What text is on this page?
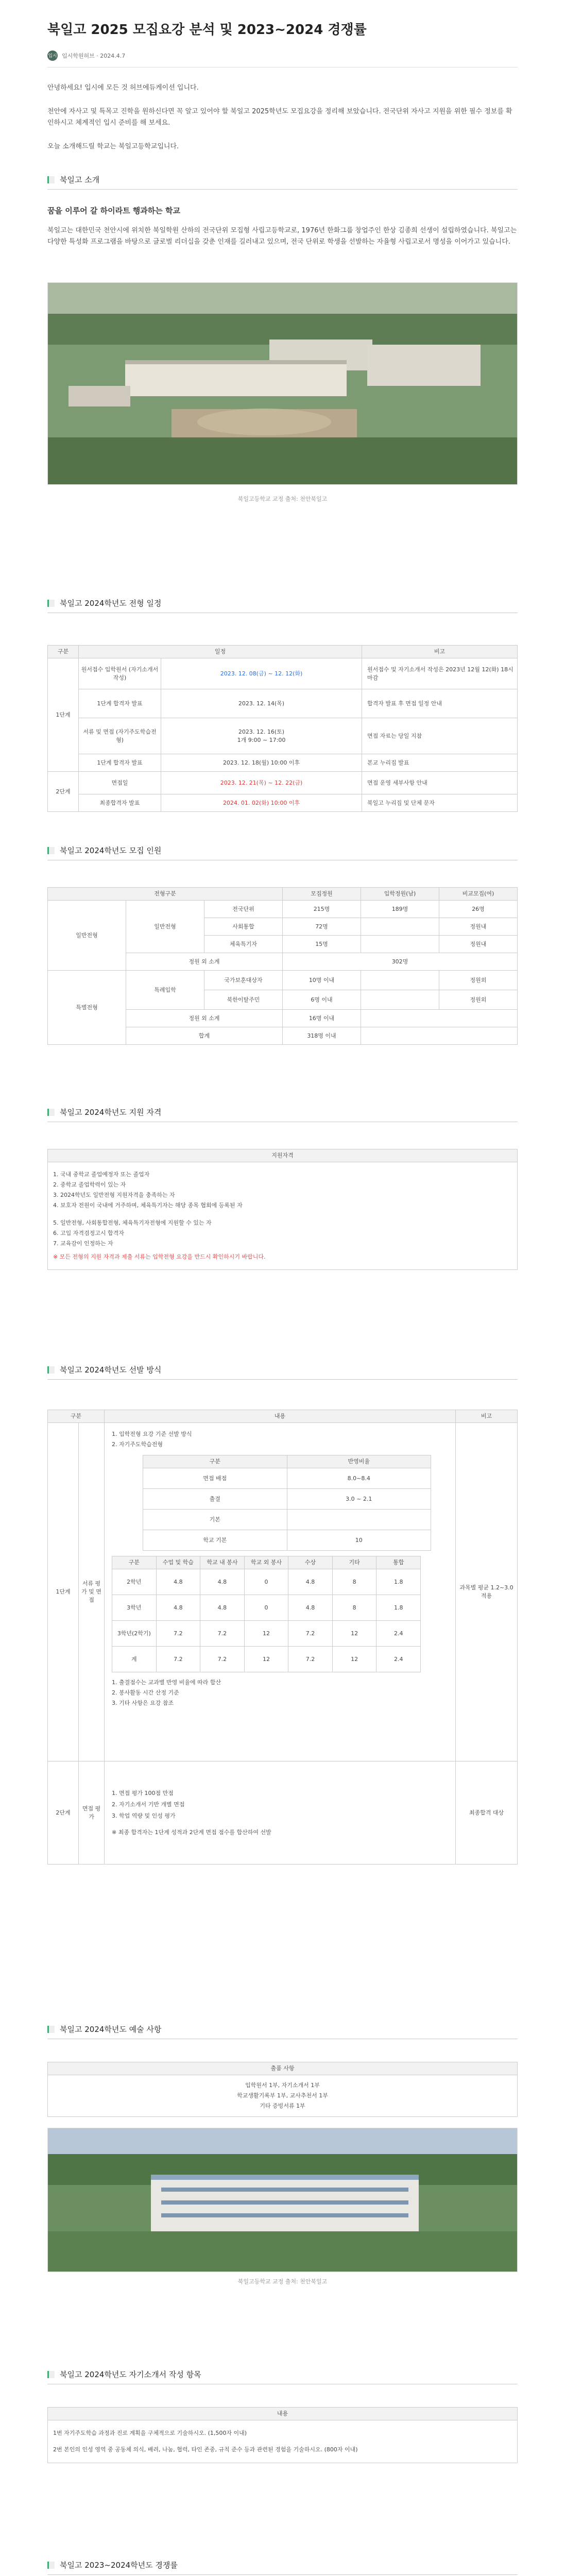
북일고 2025 모집요강 분석 및 2023~2024 경쟁률
입시 입시학원허브 · 2024.4.7

안녕하세요! 입시에 모든 것 허브에듀케이션 입니다.

천안에 자사고 및 특목고 진학을 원하신다면 꼭 알고 있어야 할 북일고 2025학년도 모집요강을 정리해 보았습니다. 전국단위 자사고 지원을 위한 필수 정보를 확인하시고 체계적인 입시 준비를 해 보세요.

오늘 소개해드릴 학교는 북일고등학교입니다.

북일고 소개
꿈을 이루어 갈 하이라트 행과하는 학교

북일고는 대한민국 천안시에 위치한 북일학원 산하의 전국단위 모집형 사립고등학교로, 1976년 한화그룹 창업주인 한상 김종희 선생이 설립하였습니다. 북일고는 다양한 특성화 프로그램을 바탕으로 글로벌 리더십을 갖춘 인재를 길러내고 있으며, 전국 단위로 학생을 선발하는 자율형 사립고로서 명성을 이어가고 있습니다.

북일고등학교 교정 출처: 천안북일고
북일고 2024학년도 전형 일정
구분	일정		비고
1단계	원서접수 입학원서 (자기소개서 작성)	2023. 12. 08(금) ~ 12. 12(화)	원서접수 및 자기소개서 작성은 2023년 12월 12(화) 18시 마감
	1단계 합격자 발표	2023. 12. 14(목)	합격자 발표 후 면접 일정 안내
	서류 및 면접 (자기주도학습전형)	2023. 12. 16(토)
1개 9:00 ~ 17:00	면접 자료는 당일 지참
	1단계 합격자 발표	2023. 12. 18(월) 10:00 이후	본교 누리집 발표
2단계	면접일	2023. 12. 21(목) ~ 12. 22(금)	면접 운영 세부사항 안내
	최종합격자 발표	2024. 01. 02(화) 10:00 이후	북일고 누리집 및 단체 문자
북일고 2024학년도 모집 인원
전형구분			모집정원	입학정원(남)	비교모집(여)
일반전형	일반전형	전국단위	215명	189명	26명
		사회통합	72명		정원내
		체육특기자	15명		정원내
	정원 외 소계		302명		
특별전형	특례입학	국가보훈대상자	10명 이내		정원외
		북한이탈주민	6명 이내		정원외
	정원 외 소계		16명 이내		
	합계		318명 이내		
북일고 2024학년도 지원 자격
지원자격

1. 국내 중학교 졸업예정자 또는 졸업자
2. 중학교 졸업학력이 있는 자
3. 2024학년도 일반전형 지원자격을 충족하는 자
4. 보호자 전원이 국내에 거주하며, 체육특기자는 해당 종목 협회에 등록된 자
5. 일반전형, 사회통합전형, 체육특기자전형에 지원할 수 있는 자
6. 고입 자격검정고시 합격자
7. 교육감이 인정하는 자
※ 모든 전형의 지원 자격과 제출 서류는 입학전형 요강을 반드시 확인하시기 바랍니다.
북일고 2024학년도 선발 방식
구분	내용	비고
1단계	서류 평가 및 면접	
1. 입학전형 요강 기준 선발 방식
2. 자기주도학습전형
구분	반영비율
면접 배점	8.0~8.4
출결	3.0 ~ 2.1
기본	
학교 기본	10
구분	수업 및 학습	학교 내 봉사	학교 외 봉사	수상	기타	통합
2학년	4.8	4.8	0	4.8	8	1.8
3학년	4.8	4.8	0	4.8	8	1.8
3학년(2학기)	7.2	7.2	12	7.2	12	2.4
계	7.2	7.2	12	7.2	12	2.4
1. 출결점수는 교과별 반영 비율에 따라 합산
2. 봉사활동 시간 산정 기준
3. 기타 사항은 요강 참조
	과목별 평균 1.2~3.0 적용
2단계	면접 평가	
1. 면접 평가 100점 만점
2. 자기소개서 기반 개별 면접
3. 학업 역량 및 인성 평가
※ 최종 합격자는 1단계 성적과 2단계 면접 점수를 합산하여 선발
	최종합격 대상
북일고 2024학년도 예술 사항
출품 사항

입학원서 1부, 자기소개서 1부
학교생활기록부 1부, 교사추천서 1부
기타 증빙서류 1부
북일고등학교 교정 출처: 천안북일고
북일고 2024학년도 자기소개서 작성 항목
내용

1번 자기주도학습 과정과 진로 계획을 구체적으로 기술하시오. (1,500자 이내)
2번 본인의 인성 영역 중 공동체 의식, 배려, 나눔, 협력, 타인 존중, 규칙 준수 등과 관련된 경험을 기술하시오. (800자 이내)
북일고 2023~2024학년도 경쟁률
